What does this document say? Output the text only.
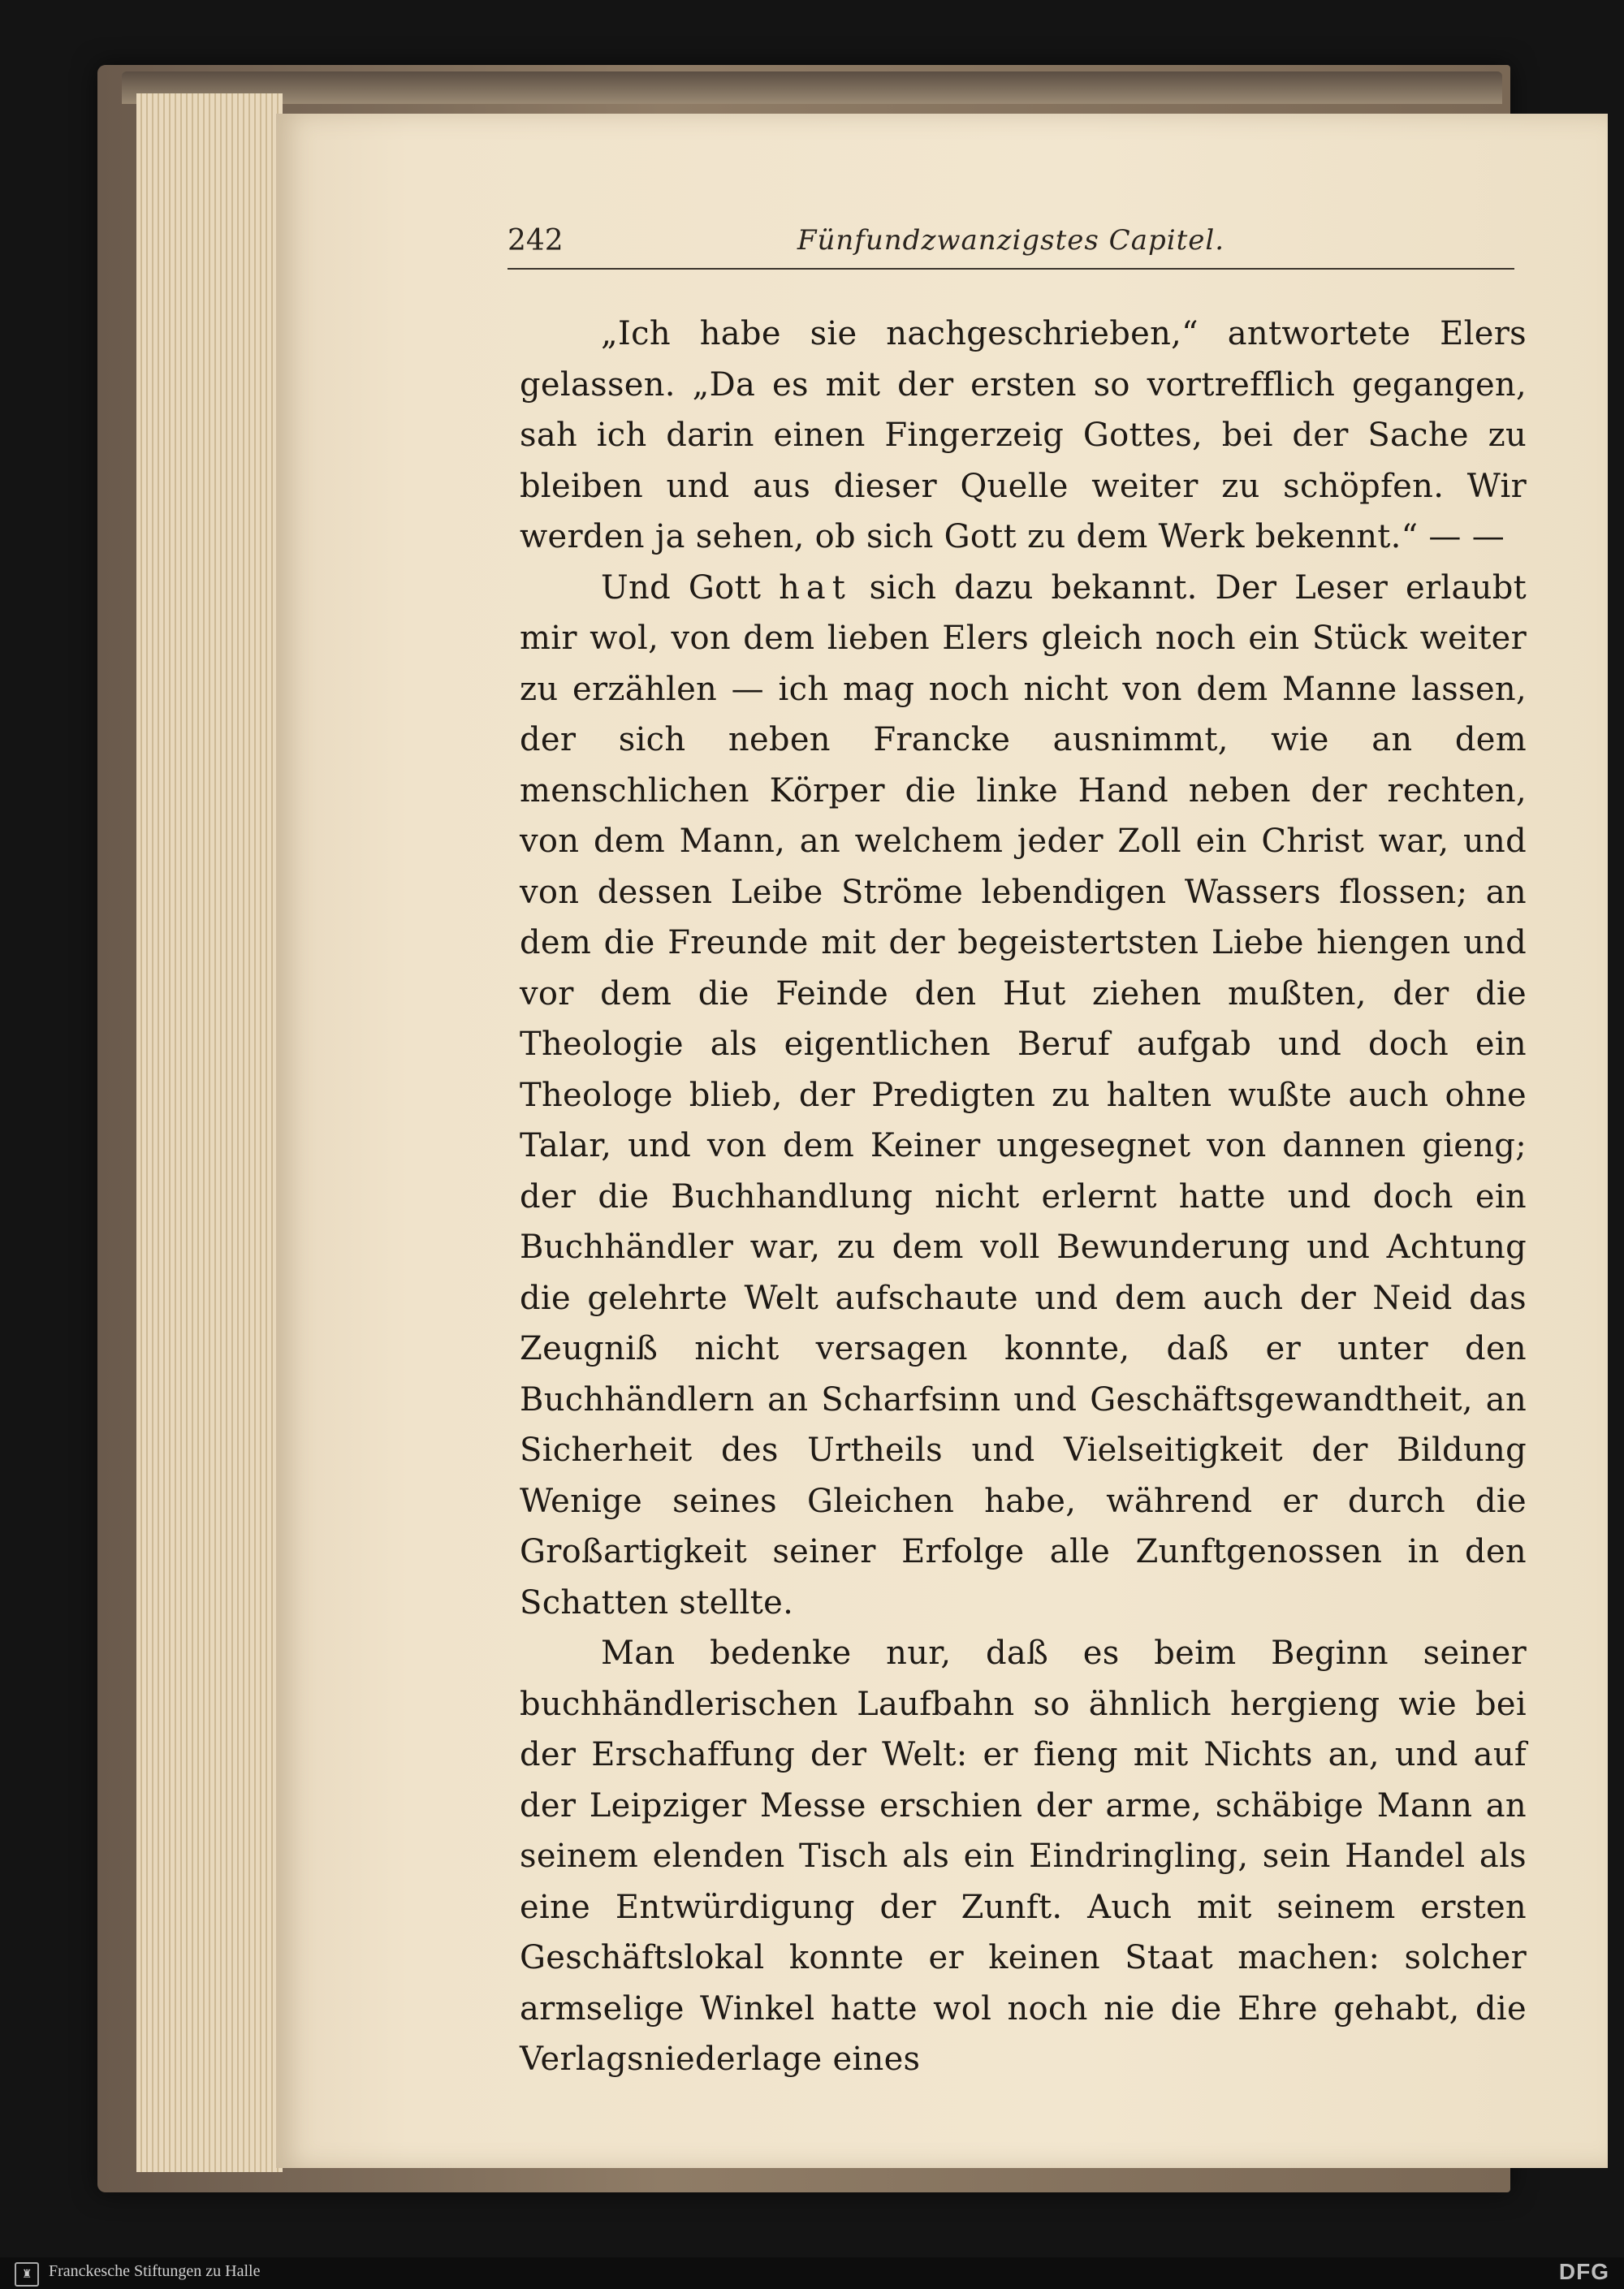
242	Fünfundzwanzigstes Capitel.

„Ich habe sie nachgeschrieben,“ antwortete Elers gelassen. „Da es mit der ersten so vortrefflich gegangen, sah ich darin einen Fingerzeig Gottes, bei der Sache zu bleiben und aus dieser Quelle weiter zu schöpfen. Wir werden ja sehen, ob sich Gott zu dem Werk bekennt.“ — —

Und Gott hat sich dazu bekannt. Der Leser erlaubt mir wol, von dem lieben Elers gleich noch ein Stück weiter zu erzählen — ich mag noch nicht von dem Manne lassen, der sich neben Francke ausnimmt, wie an dem menschlichen Körper die linke Hand neben der rechten, von dem Mann, an welchem jeder Zoll ein Christ war, und von dessen Leibe Ströme lebendigen Wassers flossen; an dem die Freunde mit der begeistertsten Liebe hiengen und vor dem die Feinde den Hut ziehen mußten, der die Theologie als eigentlichen Beruf aufgab und doch ein Theologe blieb, der Predigten zu halten wußte auch ohne Talar, und von dem Keiner ungesegnet von dannen gieng; der die Buchhandlung nicht erlernt hatte und doch ein Buchhändler war, zu dem voll Bewunderung und Achtung die gelehrte Welt aufschaute und dem auch der Neid das Zeugniß nicht versagen konnte, daß er unter den Buchhändlern an Scharfsinn und Geschäftsgewandtheit, an Sicherheit des Urtheils und Vielseitigkeit der Bildung Wenige seines Gleichen habe, während er durch die Großartigkeit seiner Erfolge alle Zunftgenossen in den Schatten stellte.

Man bedenke nur, daß es beim Beginn seiner buchhändlerischen Laufbahn so ähnlich hergieng wie bei der Erschaffung der Welt: er fieng mit Nichts an, und auf der Leipziger Messe erschien der arme, schäbige Mann an seinem elenden Tisch als ein Eindringling, sein Handel als eine Entwürdigung der Zunft. Auch mit seinem ersten Geschäftslokal konnte er keinen Staat machen: solcher armselige Winkel hatte wol noch nie die Ehre gehabt, die Verlagsniederlage eines

♜	Franckesche Stiftungen zu Halle	DFG
